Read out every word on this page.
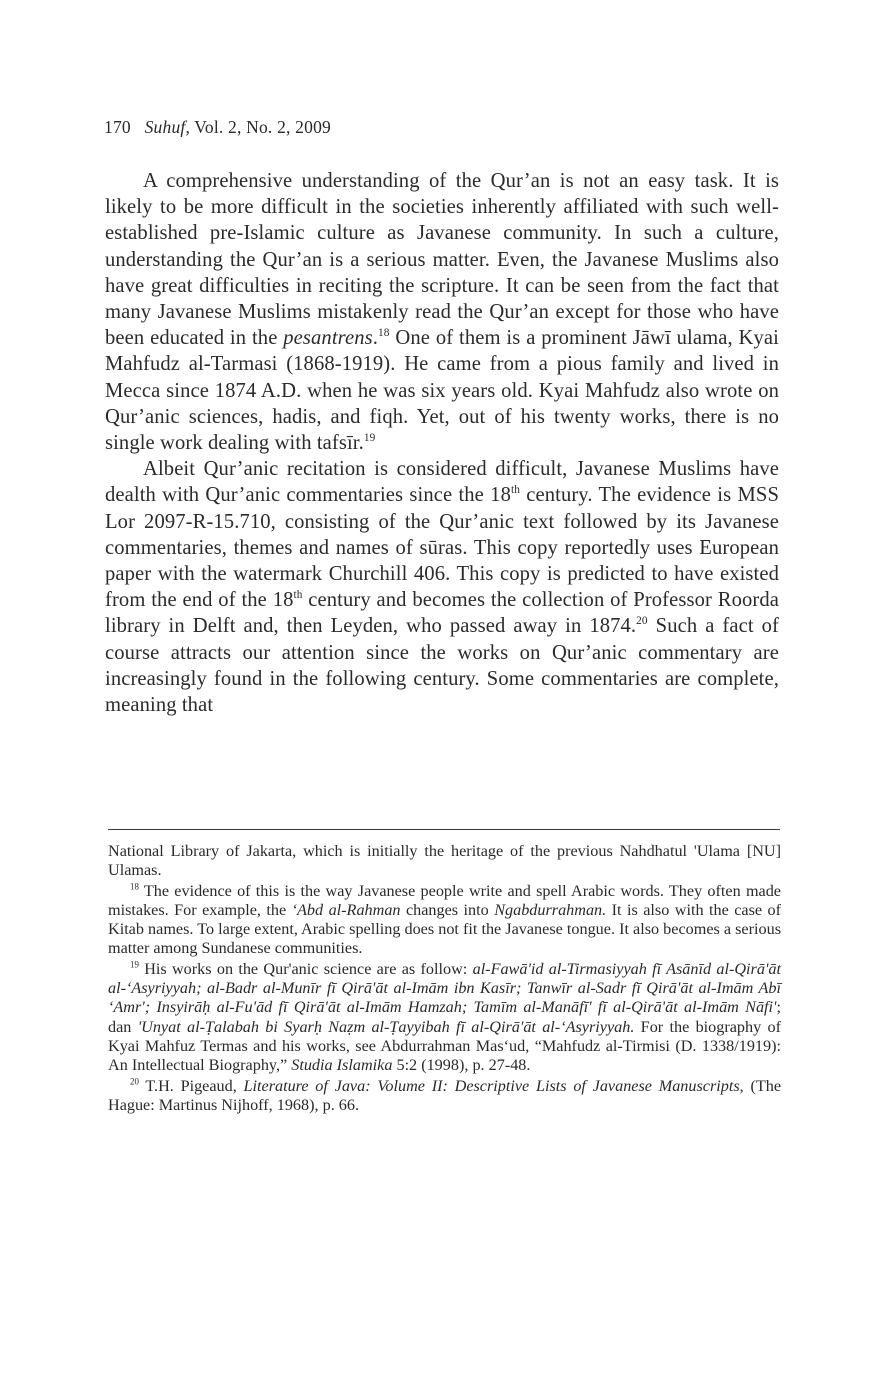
170 Suhuf, Vol. 2, No. 2, 2009

A comprehensive understanding of the Qur’an is not an easy task. It is likely to be more difficult in the societies inherently affiliated with such well-established pre-Islamic culture as Javanese community. In such a culture, understanding the Qur’an is a serious matter. Even, the Javanese Muslims also have great difficulties in reciting the scripture. It can be seen from the fact that many Javanese Muslims mistakenly read the Qur’an except for those who have been educated in the pesantrens.$^{18}$ One of them is a prominent Jāwī ulama, Kyai Mahfudz al-Tarmasi (1868-1919). He came from a pious family and lived in Mecca since 1874 A.D. when he was six years old. Kyai Mahfudz also wrote on Qur’anic sciences, hadis, and fiqh. Yet, out of his twenty works, there is no single work dealing with tafsīr.$^{19}$

Albeit Qur’anic recitation is considered difficult, Javanese Muslims have dealth with Qur’anic commentaries since the 18th century. The evidence is MSS Lor 2097-R-15.710, consisting of the Qur’anic text followed by its Javanese commentaries, themes and names of sūras. This copy reportedly uses European paper with the watermark Churchill 406. This copy is predicted to have existed from the end of the 18th century and becomes the collection of Professor Roorda library in Delft and, then Leyden, who passed away in 1874.20 Such a fact of course attracts our attention since the works on Qur’anic commentary are increasingly found in the following century. Some commentaries are complete, meaning that

National Library of Jakarta, which is initially the heritage of the previous Nahdhatul 'Ulama [NU] Ulamas.

$^{18}$ The evidence of this is the way Javanese people write and spell Arabic words. They often made mistakes. For example, the ‘Abd al-Rahman changes into Ngabdurrahman. It is also with the case of Kitab names. To large extent, Arabic spelling does not fit the Javanese tongue. It also becomes a serious matter among Sundanese communities.

$^{19}$ His works on the Qur'anic science are as follow: al-Fawā'id al-Tirmasiyyah fī Asānīd al-Qirā'āt al-‘Asyriyyah; al-Badr al-Munīr fī Qirā'āt al-Imām ibn Kasīr; Tanwīr al-Sadr fī Qirā'āt al-Imām Abī ‘Amr'; Insyirāḥ al-Fu'ād fī Qirā'āt al-Imām Hamzah; Tamīm al-Manāfī' fī al-Qirā'āt al-Imām Nāfi'; dan 'Unyat al-Ṭalabah bi Syarḥ Naẓm al-Ṭayyibah fī al-Qirā'āt al-‘Asyriyyah. For the biography of Kyai Mahfuz Termas and his works, see Abdurrahman Mas‘ud, “Mahfudz al-Tirmisi (D. 1338/1919): An Intellectual Biography,” Studia Islamika 5:2 (1998), p. 27-48.

$^{20}$ T.H. Pigeaud, Literature of Java: Volume II: Descriptive Lists of Javanese Manuscripts, (The Hague: Martinus Nijhoff, 1968), p. 66.
